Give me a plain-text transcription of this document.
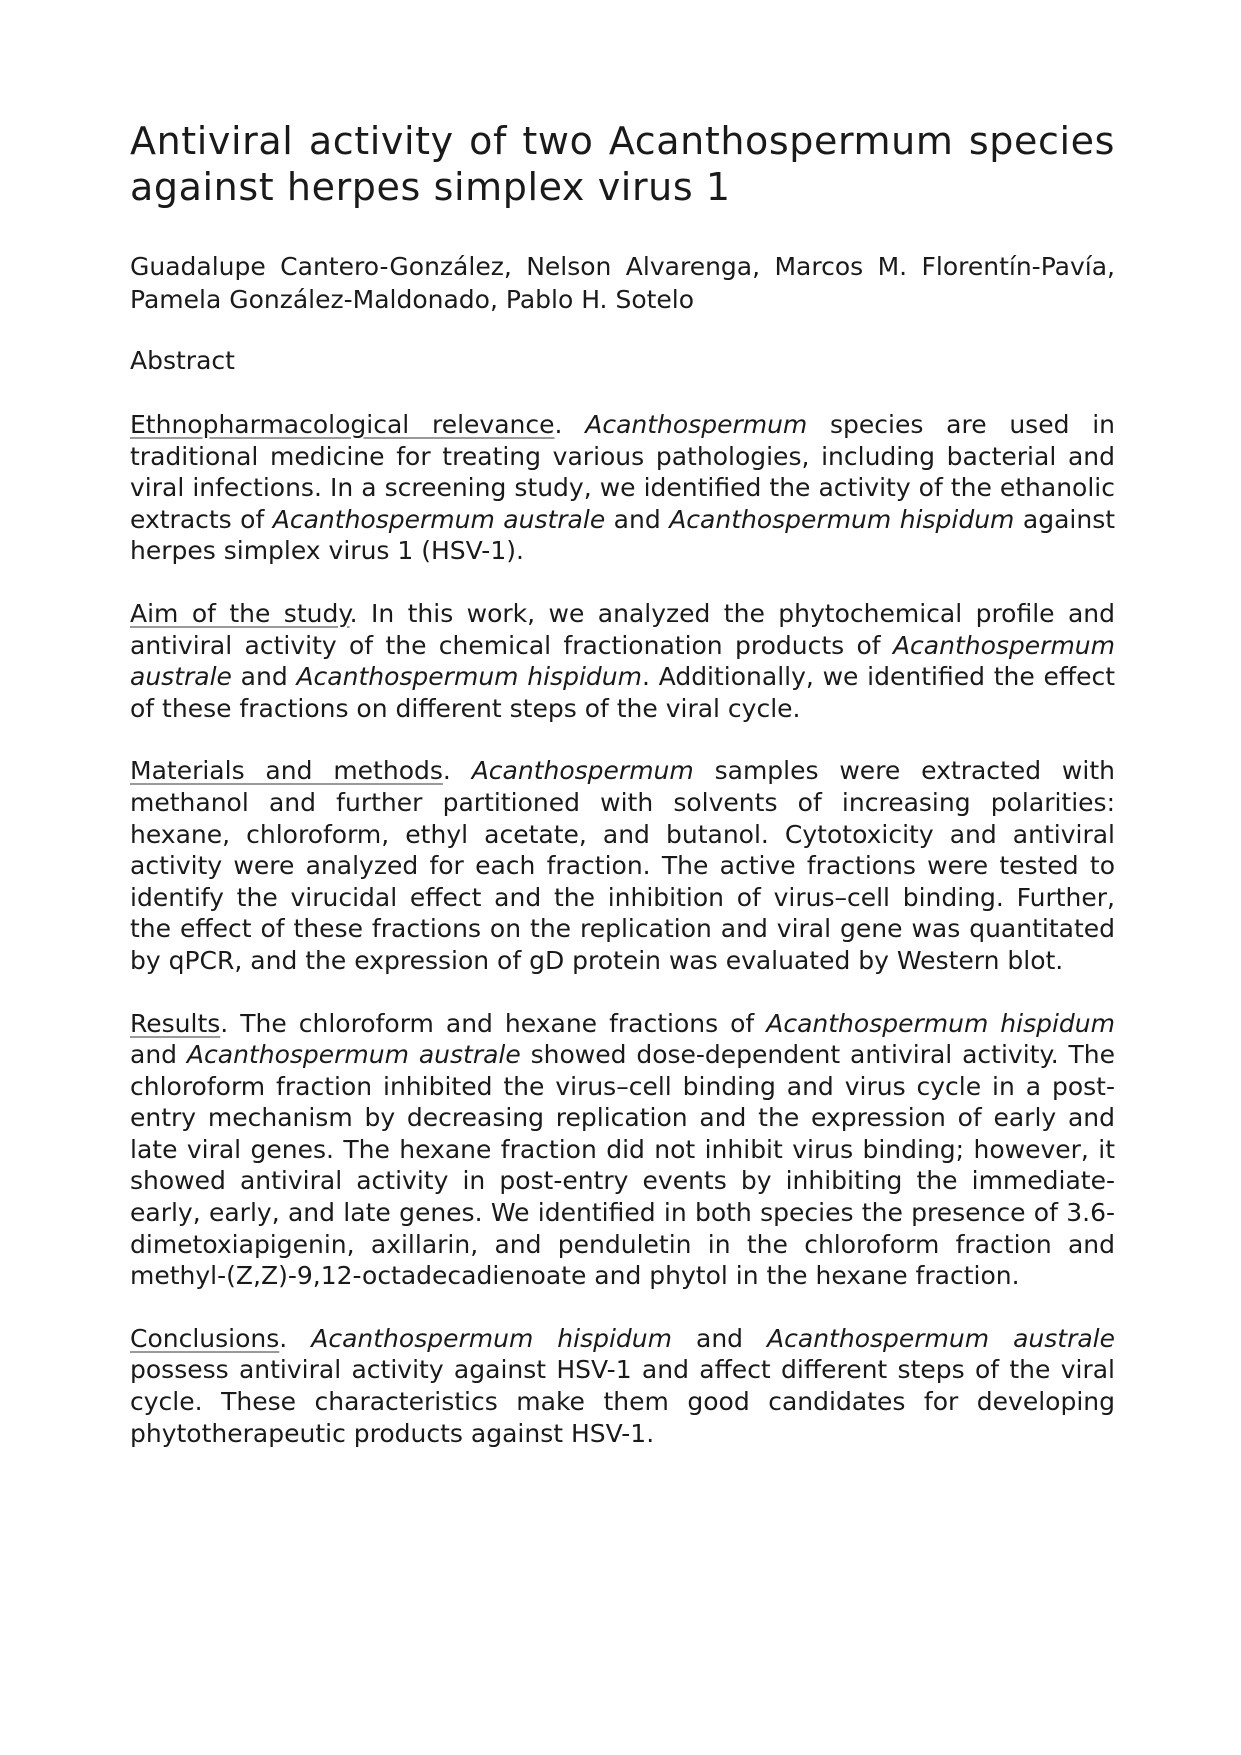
Antiviral activity of two Acanthospermum species against herpes simplex virus 1

Guadalupe Cantero-González, Nelson Alvarenga, Marcos M. Florentín-Pavía, Pamela González-Maldonado, Pablo H. Sotelo

Abstract

Ethnopharmacological relevance. Acanthospermum species are used in traditional medicine for treating various pathologies, including bacterial and viral infections. In a screening study, we identified the activity of the ethanolic extracts of Acanthospermum australe and Acanthospermum hispidum against herpes simplex virus 1 (HSV-1).

Aim of the study. In this work, we analyzed the phytochemical profile and antiviral activity of the chemical fractionation products of Acanthospermum australe and Acanthospermum hispidum. Additionally, we identified the effect of these fractions on different steps of the viral cycle.

Materials and methods. Acanthospermum samples were extracted with methanol and further partitioned with solvents of increasing polarities: hexane, chloroform, ethyl acetate, and butanol. Cytotoxicity and antiviral activity were analyzed for each fraction. The active fractions were tested to identify the virucidal effect and the inhibition of virus–cell binding. Further, the effect of these fractions on the replication and viral gene was quantitated by qPCR, and the expression of gD protein was evaluated by Western blot.

Results. The chloroform and hexane fractions of Acanthospermum hispidum and Acanthospermum australe showed dose-dependent antiviral activity. The chloroform fraction inhibited the virus–cell binding and virus cycle in a post-entry mechanism by decreasing replication and the expression of early and late viral genes. The hexane fraction did not inhibit virus binding; however, it showed antiviral activity in post-entry events by inhibiting the immediate-early, early, and late genes. We identified in both species the presence of 3.6-dimetoxiapigenin, axillarin, and penduletin in the chloroform fraction and methyl-(Z,Z)-9,12-octadecadienoate and phytol in the hexane fraction.

Conclusions. Acanthospermum hispidum and Acanthospermum australe possess antiviral activity against HSV-1 and affect different steps of the viral cycle. These characteristics make them good candidates for developing phytotherapeutic products against HSV-1.
